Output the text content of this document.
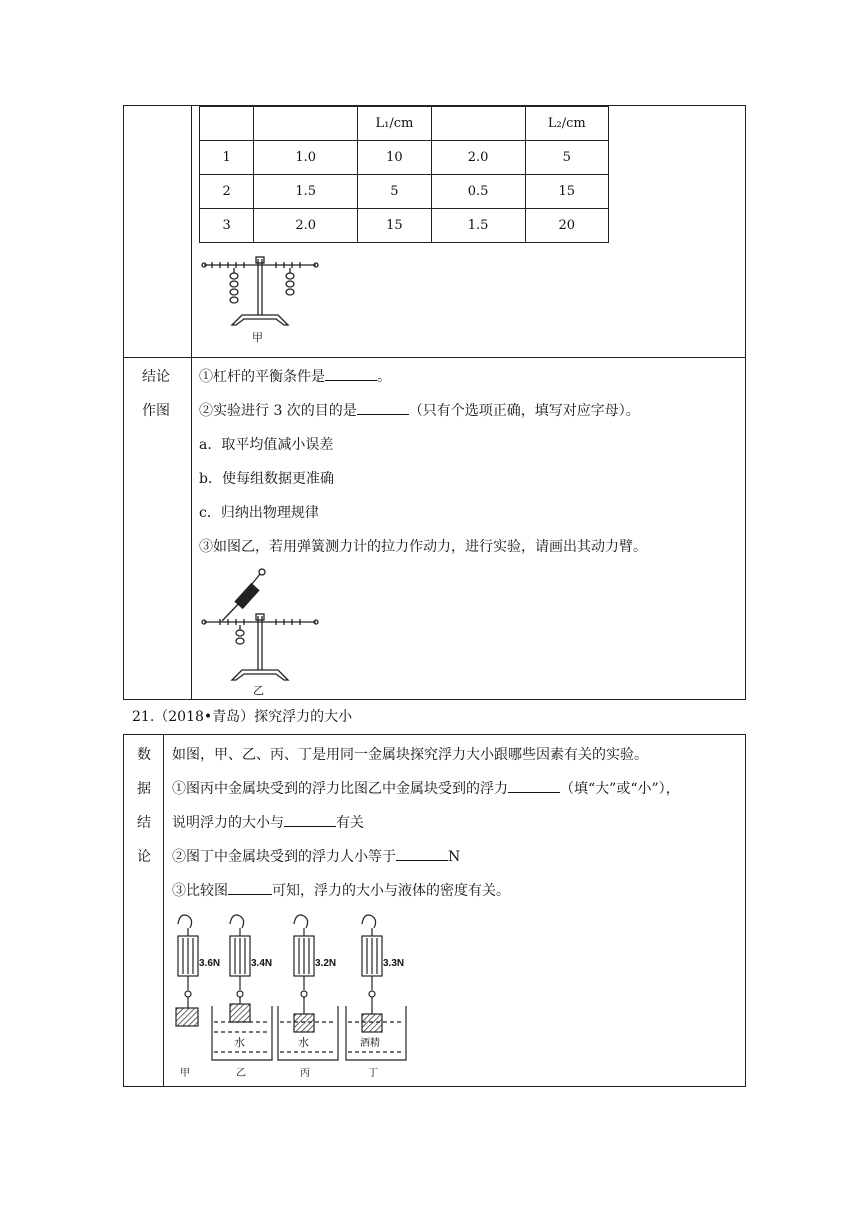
		L₁/cm		L₂/cm
1	1.0	10	2.0	5
2	1.5	5	0.5	15
3	2.0	15	1.5	20
甲
结论
作图
①杠杆的平衡条件是	。
②实验进行 3 次的目的是	（只有个选项正确，填写对应字母）。
a．取平均值减小误差
b．使每组数据更准确
c．归纳出物理规律
③如图乙，若用弹簧测力计的拉力作动力，进行实验，请画出其动力臂。
乙
21.（2018•青岛）探究浮力的大小
数
据
结
论
如图，甲、乙、丙、丁是用同一金属块探究浮力大小跟哪些因素有关的实验。
①图丙中金属块受到的浮力比图乙中金属块受到的浮力	（填“大”或“小”），
说明浮力的大小与	有关
②图丁中金属块受到的浮力人小等于	N
③比较图	可知，浮力的大小与液体的密度有关。
3.6N	3.4N	3.2N	3.3N
水	水	酒精
甲	乙	丙	丁
